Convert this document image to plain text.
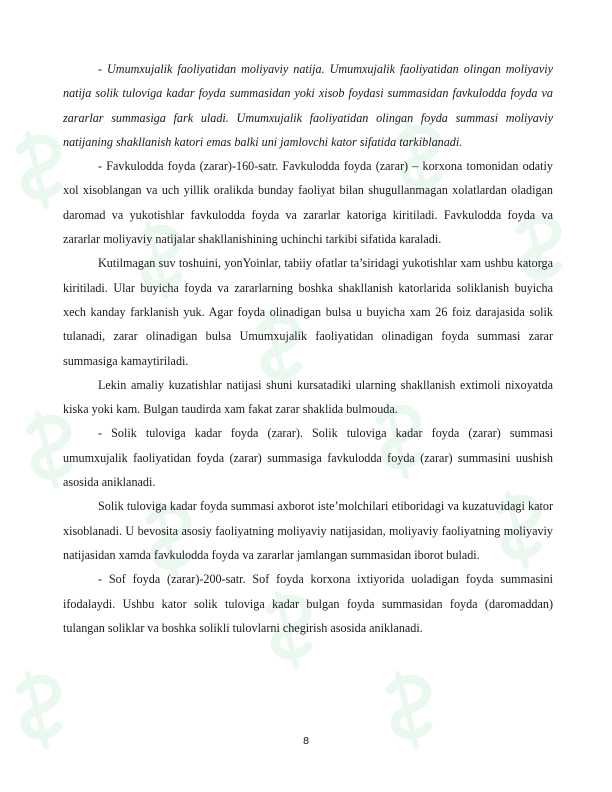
- Umumxujalik faoliyatidan moliyaviy natija. Umumxujalik faoliyatidan olingan moliyaviy natija solik tuloviga kadar foyda summasidan yoki xisob foydasi summasidan favkulodda foyda va zararlar summasiga fark uladi. Umumxujalik faoliyatidan olingan foyda summasi moliyaviy natijaning shakllanish katori emas balki uni jamlovchi kator sifatida tarkiblanadi.

- Favkulodda foyda (zarar)-160-satr. Favkulodda foyda (zarar) – korxona tomonidan odatiy xol xisoblangan va uch yillik oralikda bunday faoliyat bilan shugullanmagan xolatlardan oladigan daromad va yukotishlar favkulodda foyda va zararlar katoriga kiritiladi. Favkulodda foyda va zararlar moliyaviy natijalar shakllanishining uchinchi tarkibi sifatida karaladi.

Kutilmagan suv toshuini, yonYoinlar, tabiiy ofatlar ta’siridagi yukotishlar xam ushbu katorga kiritiladi. Ular buyicha foyda va zararlarning boshka shakllanish katorlarida soliklanish buyicha xech kanday farklanish yuk. Agar foyda olinadigan bulsa u buyicha xam 26 foiz darajasida solik tulanadi, zarar olinadigan bulsa Umumxujalik faoliyatidan olinadigan foyda summasi zarar summasiga kamaytiriladi.

Lekin amaliy kuzatishlar natijasi shuni kursatadiki ularning shakllanish extimoli nixoyatda kiska yoki kam. Bulgan taudirda xam fakat zarar shaklida bulmouda.

- Solik tuloviga kadar foyda (zarar). Solik tuloviga kadar foyda (zarar) summasi umumxujalik faoliyatidan foyda (zarar) summasiga favkulodda foyda (zarar) summasini uushish asosida aniklanadi.

Solik tuloviga kadar foyda summasi axborot iste’molchilari etiboridagi va kuzatuvidagi kator xisoblanadi. U bevosita asosiy faoliyatning moliyaviy natijasidan, moliyaviy faoliyatning moliyaviy natijasidan xamda favkulodda foyda va zararlar jamlangan summasidan iborot buladi.

- Sof foyda (zarar)-200-satr. Sof foyda korxona ixtiyorida uoladigan foyda summasini ifodalaydi. Ushbu kator solik tuloviga kadar bulgan foyda summasidan foyda (daromaddan) tulangan soliklar va boshka solikli tulovlarni chegirish asosida aniklanadi.

8
